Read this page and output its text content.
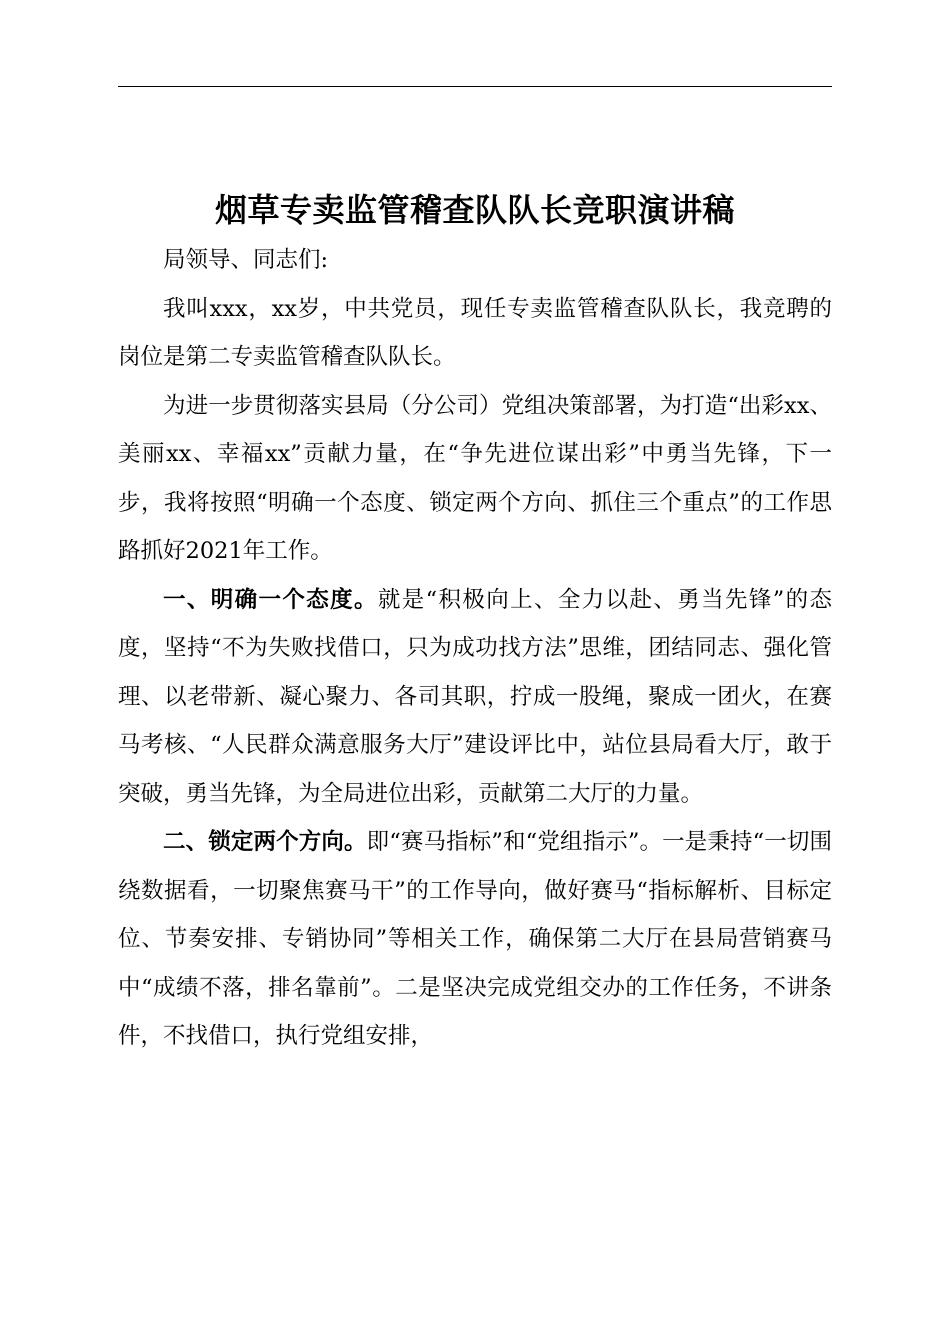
烟草专卖监管稽查队队长竞职演讲稿

局领导、同志们:

我叫xxx，xx岁，中共党员，现任专卖监管稽查队队长，我竞聘的岗位是第二专卖监管稽查队队长。

为进一步贯彻落实县局（分公司）党组决策部署，为打造“出彩xx、美丽xx、幸福xx”贡献力量，在“争先进位谋出彩”中勇当先锋，下一步，我将按照“明确一个态度、锁定两个方向、抓住三个重点”的工作思路抓好2021年工作。

一、明确一个态度。就是“积极向上、全力以赴、勇当先锋”的态度，坚持“不为失败找借口，只为成功找方法”思维，团结同志、强化管理、以老带新、凝心聚力、各司其职，拧成一股绳，聚成一团火，在赛马考核、“人民群众满意服务大厅”建设评比中，站位县局看大厅，敢于突破，勇当先锋，为全局进位出彩，贡献第二大厅的力量。

二、锁定两个方向。即“赛马指标”和“党组指示”。一是秉持“一切围绕数据看，一切聚焦赛马干”的工作导向，做好赛马“指标解析、目标定位、节奏安排、专销协同”等相关工作，确保第二大厅在县局营销赛马中“成绩不落，排名靠前”。二是坚决完成党组交办的工作任务，不讲条件，不找借口，执行党组安排，
